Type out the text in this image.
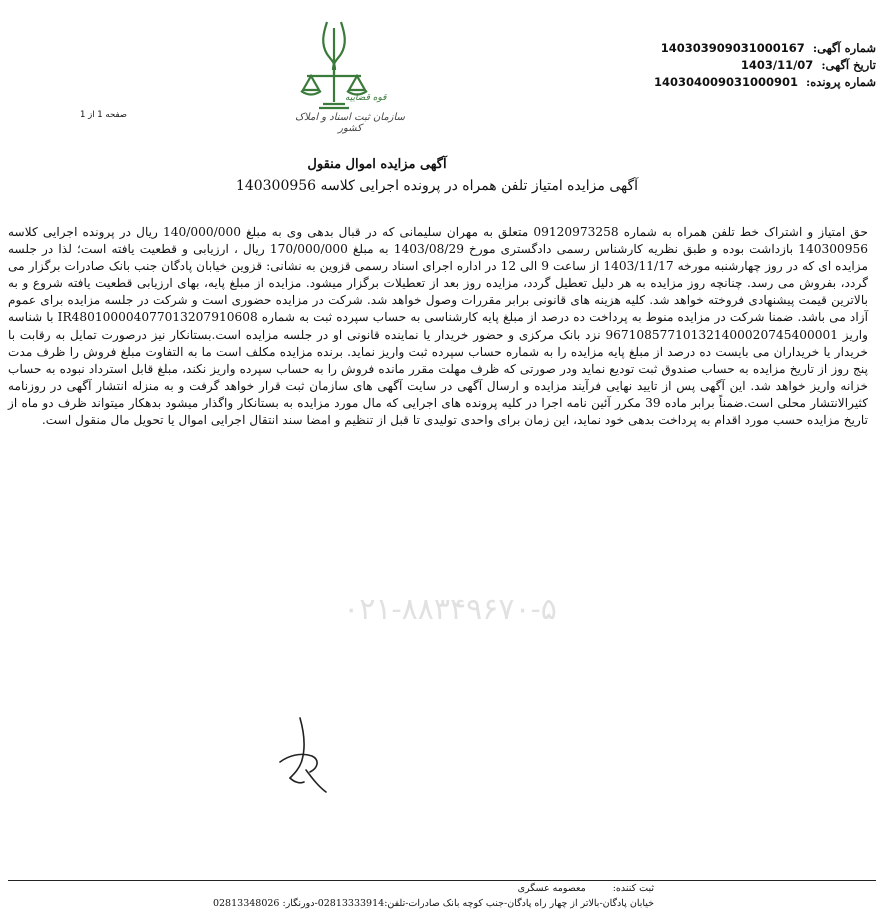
قوه قضاییه
سازمان ثبت اسناد و املاک کشور
شماره آگهی: 140303909031000167
تاریخ آگهی: 1403/11/07
شماره پرونده: 140304009031000901
صفحه 1 از 1
آگهی مزایده اموال منقول
آگهی مزایده امتیاز تلفن همراه در پرونده اجرایی کلاسه 140300956

حق امتیاز و اشتراک خط تلفن همراه به شماره 09120973258 متعلق به مهران سلیمانی که در قبال بدهی وی به مبلغ 140/000/000 ریال در پرونده اجرایی کلاسه 140300956 بازداشت بوده و طبق نظریه کارشناس رسمی دادگستری مورخ 1403/08/29 به مبلغ 170/000/000 ریال ، ارزیابی و قطعیت یافته است؛ لذا در جلسه مزایده ای که در روز چهارشنبه مورخه 1403/11/17 از ساعت 9 الی 12 در اداره اجرای اسناد رسمی قزوین به نشانی: قزوین خیابان پادگان جنب بانک صادرات برگزار می گردد، بفروش می رسد. چنانچه روز مزایده به هر دلیل تعطیل گردد، مزایده روز بعد از تعطیلات برگزار میشود. مزایده از مبلغ پایه، بهای ارزیابی قطعیت یافته شروع و به بالاترین قیمت پیشنهادی فروخته خواهد شد. کلیه هزینه های قانونی برابر مقررات وصول خواهد شد. شرکت در مزایده حضوری است و شرکت در جلسه مزایده برای عموم آزاد می باشد. ضمنا شرکت در مزایده منوط به پرداخت ده درصد از مبلغ پایه کارشناسی به حساب سپرده ثبت به شماره IR480100004077013207910608 با شناسه واریز 967108577101321400020745400001 نزد بانک مرکزی و حضور خریدار یا نماینده قانونی او در جلسه مزایده است.بستانکار نیز درصورت تمایل به رقابت با خریدار یا خریداران می بایست ده درصد از مبلغ پایه مزایده را به شماره حساب سپرده ثبت واریز نماید. برنده مزایده مکلف است ما به التفاوت مبلغ فروش را ظرف مدت پنج روز از تاریخ مزایده به حساب صندوق ثبت تودیع نماید ودر صورتی که ظرف مهلت مقرر مانده فروش را به حساب سپرده واریز نکند، مبلغ قابل استرداد نبوده به حساب خزانه واریز خواهد شد. این آگهی پس از تایید نهایی فرآیند مزایده و ارسال آگهی در سایت آگهی های سازمان ثبت قرار خواهد گرفت و به منزله انتشار آگهی در روزنامه کثیرالانتشار محلی است.ضمناً برابر ماده 39 مکرر آئین نامه اجرا در کلیه پرونده های اجرایی که مال مورد مزایده به بستانکار واگذار میشود بدهکار میتواند ظرف دو ماه از تاریخ مزایده حسب مورد اقدام به پرداخت بدهی خود نماید، این زمان برای واحدی تولیدی تا قبل از تنظیم و امضا سند انتقال اجرایی اموال یا تحویل مال منقول است.

۰۲۱-۸۸۳۴۹۶۷۰-۵
ثبت کننده: معصومه عسگری
خیابان پادگان-بالاتر از چهار راه پادگان-جنب کوچه بانک صادرات-تلفن:02813333914-دورنگار: 02813348026
